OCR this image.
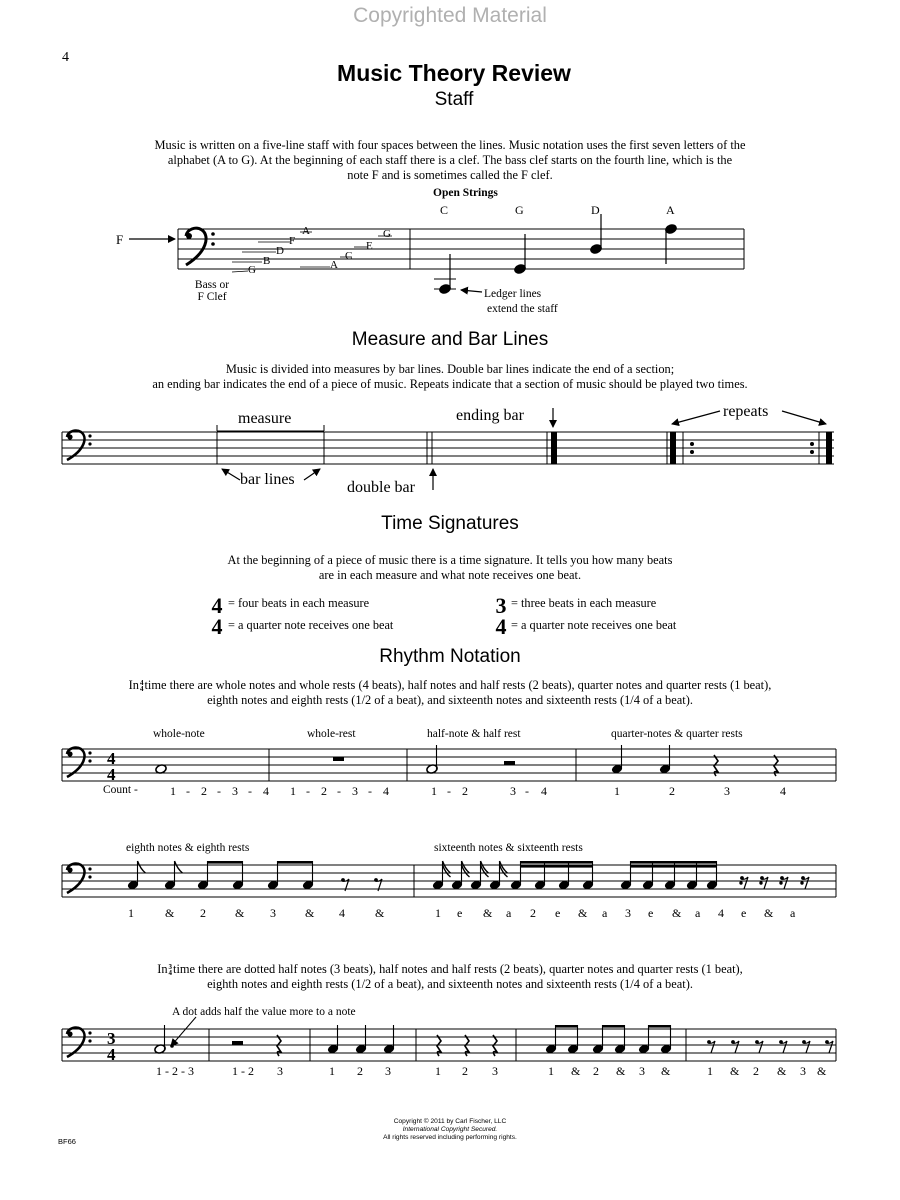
Copyrighted Material
4
Music Theory Review
Staff
Music is written on a five-line staff with four spaces between the lines. Music notation uses the first seven letters of the
alphabet (A to G). At the beginning of each staff there is a clef. The bass clef starts on the fourth line, which is the
note F and is sometimes called the F clef.
Open Strings
C	G	D	A
F
G
B
D
F
A
A
C
E
G
Bass or
F Clef	Ledger lines
extend the staff
Measure and Bar Lines
Music is divided into measures by bar lines. Double bar lines indicate the end of a section;
an ending bar indicates the end of a piece of music. Repeats indicate that a section of music should be played two times.
measure
bar lines	double bar
ending bar	repeats
Time Signatures
At the beginning of a piece of music there is a time signature. It tells you how many beats
are in each measure and what note receives one beat.
4
4
= four beats in each measure
= a quarter note receives one beat
3
4
= three beats in each measure
= a quarter note receives one beat
Rhythm Notation
In4
4time there are whole notes and whole rests (4 beats), half notes and half rests (2 beats), quarter notes and quarter rests (1 beat),
eighth notes and eighth rests (1/2 of a beat), and sixteenth notes and sixteenth rests (1/4 of a beat).
whole-note	whole-rest	half-note & half rest	quarter-notes & quarter rests
Count -	1 - 2 - 3 - 4 1 - 2 - 3 - 4	1 - 2	3 - 4	1	2	3	4
eighth notes & eighth rests	sixteenth notes & sixteenth rests
1	& 2 & 3 & 4	&	1 e & a 2 e & a 3 e & a 4 e & a
In3
4time there are dotted half notes (3 beats), half notes and half rests (2 beats), quarter notes and quarter rests (1 beat),
eighth notes and eighth rests (1/2 of a beat), and sixteenth notes and sixteenth rests (1/4 of a beat).
A dot adds half the value more to a note
1 - 2 - 3	1 - 2 3	1 2 3	1 2 3	1 & 2 & 3 &	1 & 2 & 3 &
Copyright © 2011 by Carl Fischer, LLC
International Copyright Secured.
All rights reserved including performing rights.
BF66
4
4
3
4
